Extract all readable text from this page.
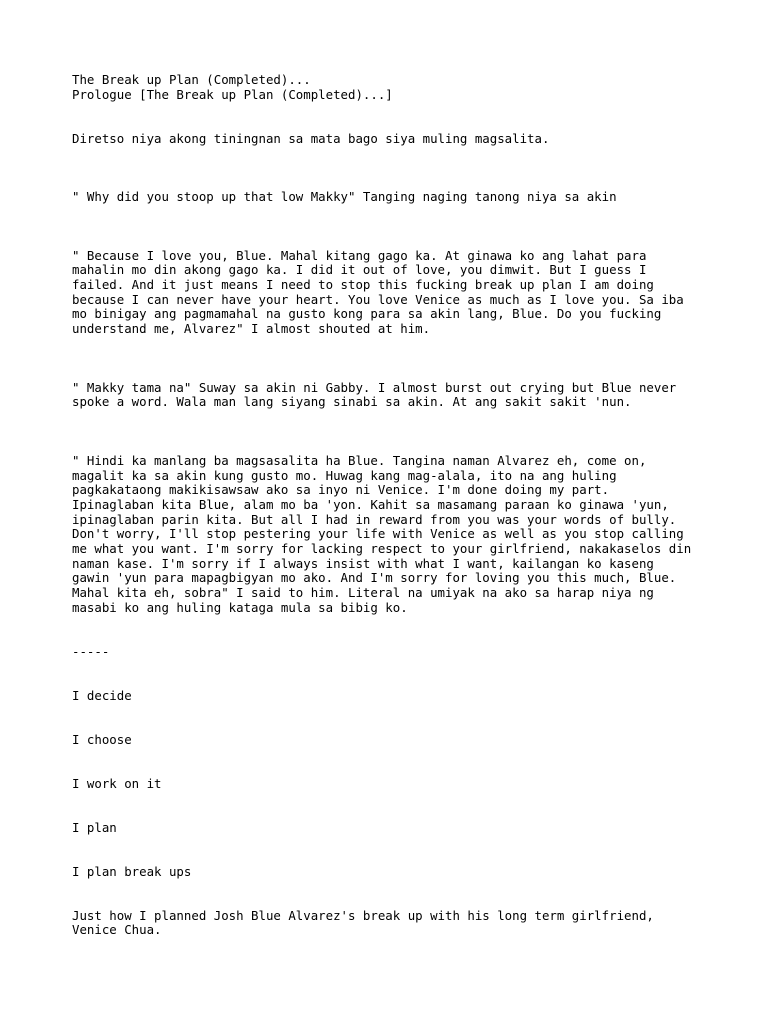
The Break up Plan (Completed)...
Prologue [The Break up Plan (Completed)...]
Diretso niya akong tiningnan sa mata bago siya muling magsalita.
" Why did you stoop up that low Makky" Tanging naging tanong niya sa akin
" Because I love you, Blue. Mahal kitang gago ka. At ginawa ko ang lahat para
mahalin mo din akong gago ka. I did it out of love, you dimwit. But I guess I
failed. And it just means I need to stop this fucking break up plan I am doing
because I can never have your heart. You love Venice as much as I love you. Sa iba
mo binigay ang pagmamahal na gusto kong para sa akin lang, Blue. Do you fucking
understand me, Alvarez" I almost shouted at him.
" Makky tama na" Suway sa akin ni Gabby. I almost burst out crying but Blue never
spoke a word. Wala man lang siyang sinabi sa akin. At ang sakit sakit 'nun.
" Hindi ka manlang ba magsasalita ha Blue. Tangina naman Alvarez eh, come on,
magalit ka sa akin kung gusto mo. Huwag kang mag-alala, ito na ang huling
pagkakataong makikisawsaw ako sa inyo ni Venice. I'm done doing my part.
Ipinaglaban kita Blue, alam mo ba 'yon. Kahit sa masamang paraan ko ginawa 'yun,
ipinaglaban parin kita. But all I had in reward from you was your words of bully.
Don't worry, I'll stop pestering your life with Venice as well as you stop calling
me what you want. I'm sorry for lacking respect to your girlfriend, nakakaselos din
naman kase. I'm sorry if I always insist with what I want, kailangan ko kaseng
gawin 'yun para mapagbigyan mo ako. And I'm sorry for loving you this much, Blue.
Mahal kita eh, sobra" I said to him. Literal na umiyak na ako sa harap niya ng
masabi ko ang huling kataga mula sa bibig ko.
-----
I decide
I choose
I work on it
I plan
I plan break ups
Just how I planned Josh Blue Alvarez's break up with his long term girlfriend,
Venice Chua.
